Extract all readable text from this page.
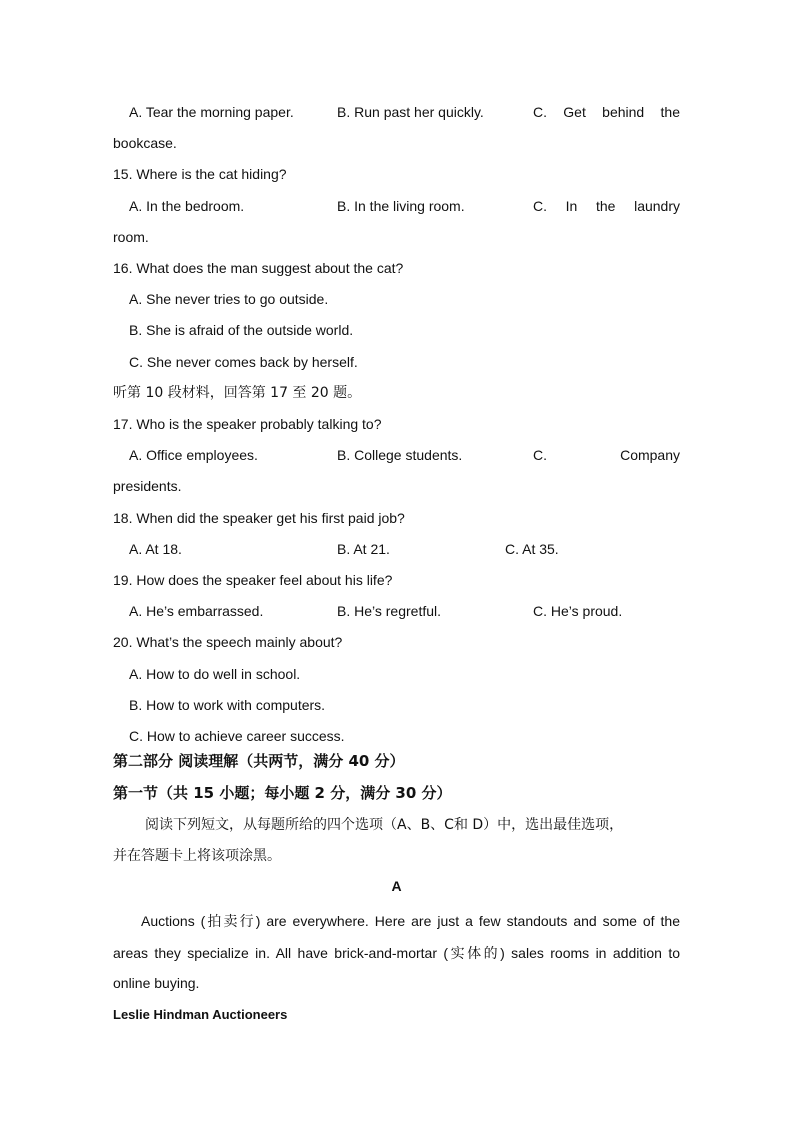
A. Tear the morning paper.	B. Run past her quickly.	C. Get behind the
bookcase.
15. Where is the cat hiding?
A. In the bedroom.	B. In the living room.	C. In the laundry
room.
16. What does the man suggest about the cat?
A. She never tries to go outside.
B. She is afraid of the outside world.
C. She never comes back by herself.
听第 10 段材料，回答第 17 至 20 题。
17. Who is the speaker probably talking to?
A. Office employees.	B. College students.	C.	Company
presidents.
18. When did the speaker get his first paid job?
A. At 18.	B. At 21.	C. At 35.
19. How does the speaker feel about his life?
A. He’s embarrassed.	B. He’s regretful.	C. He’s proud.
20. What’s the speech mainly about?
A. How to do well in school.
B. How to work with computers.
C. How to achieve career success.
第二部分 阅读理解（共两节，满分 40 分）
第一节（共 15 小题；每小题 2 分，满分 30 分）
阅读下列短文，从每题所给的四个选项（A、B、C和 D）中，选出最佳选项，
并在答题卡上将该项涂黑。
A
Auctions (拍卖行) are everywhere. Here are just a few standouts and some of the
areas they specialize in. All have brick-and-mortar (实体的) sales rooms in addition to
online buying.
Leslie Hindman Auctioneers
